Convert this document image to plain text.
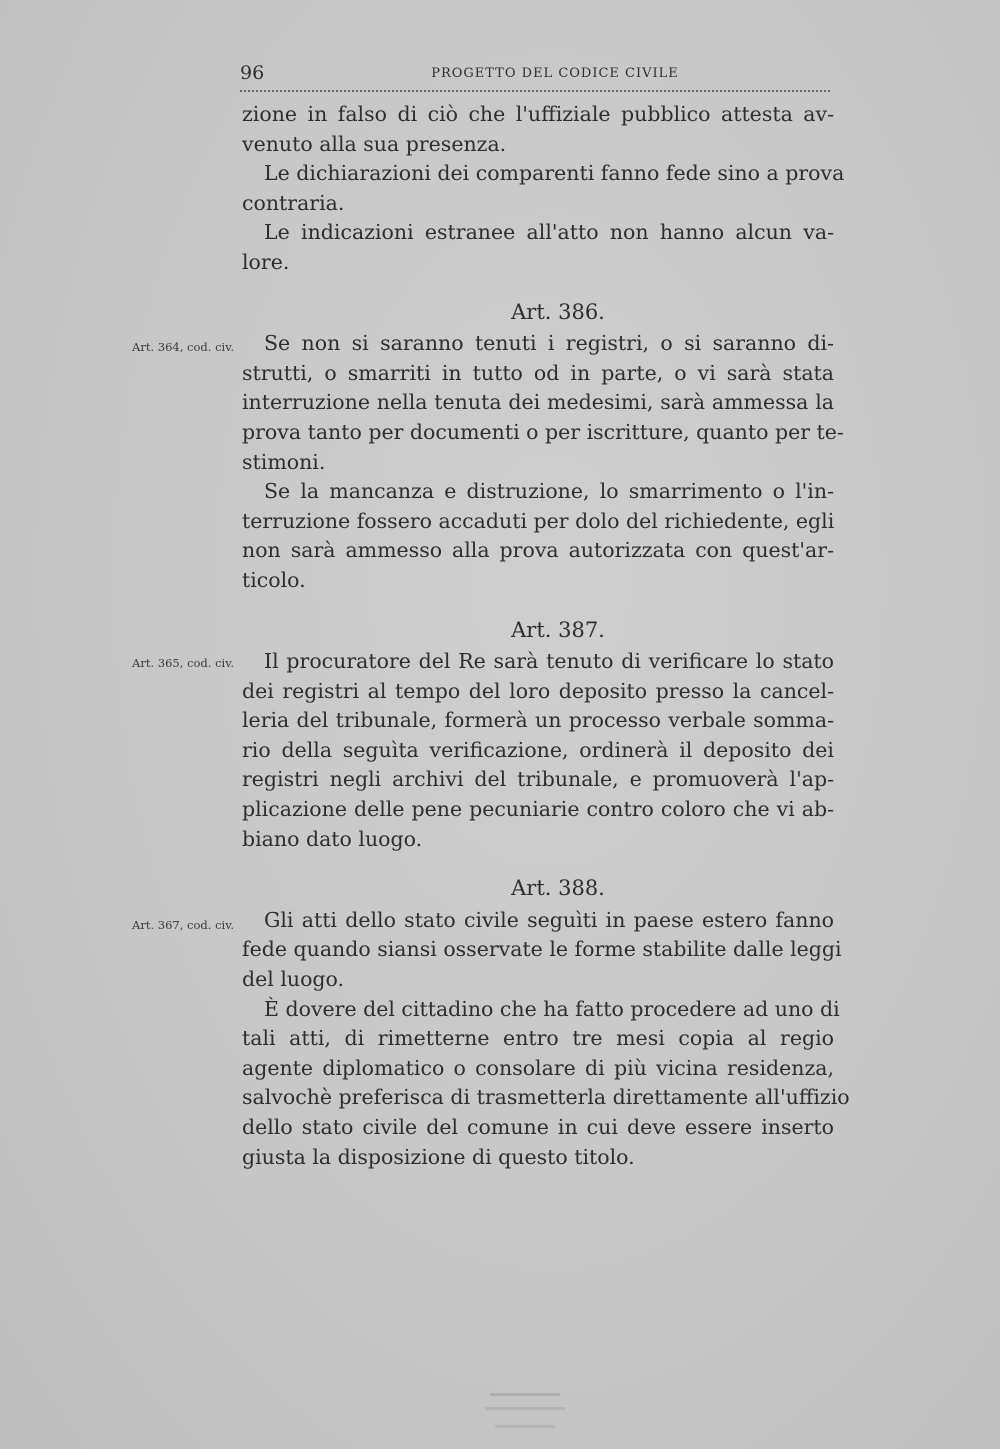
96	PROGETTO DEL CODICE CIVILE
zione in falso di ciò che l'uffiziale pubblico attesta av-
venuto alla sua presenza.
Le dichiarazioni dei comparenti fanno fede sino a prova
contraria.
Le indicazioni estranee all'atto non hanno alcun va-
lore.
Art. 386.
Se non si saranno tenuti i registri, o si saranno di-
strutti, o smarriti in tutto od in parte, o vi sarà stata
interruzione nella tenuta dei medesimi, sarà ammessa la
prova tanto per documenti o per iscritture, quanto per te-
stimoni.
Se la mancanza e distruzione, lo smarrimento o l'in-
terruzione fossero accaduti per dolo del richiedente, egli
non sarà ammesso alla prova autorizzata con quest'ar-
ticolo.
Art. 387.
Il procuratore del Re sarà tenuto di verificare lo stato
dei registri al tempo del loro deposito presso la cancel-
leria del tribunale, formerà un processo verbale somma-
rio della seguìta verificazione, ordinerà il deposito dei
registri negli archivi del tribunale, e promuoverà l'ap-
plicazione delle pene pecuniarie contro coloro che vi ab-
biano dato luogo.
Art. 388.
Gli atti dello stato civile seguìti in paese estero fanno
fede quando siansi osservate le forme stabilite dalle leggi
del luogo.
È dovere del cittadino che ha fatto procedere ad uno di
tali atti, di rimetterne entro tre mesi copia al regio
agente diplomatico o consolare di più vicina residenza,
salvochè preferisca di trasmetterla direttamente all'uffizio
dello stato civile del comune in cui deve essere inserto
giusta la disposizione di questo titolo.
Art. 364, cod. civ.
Art. 365, cod. civ.
Art. 367, cod. civ.
